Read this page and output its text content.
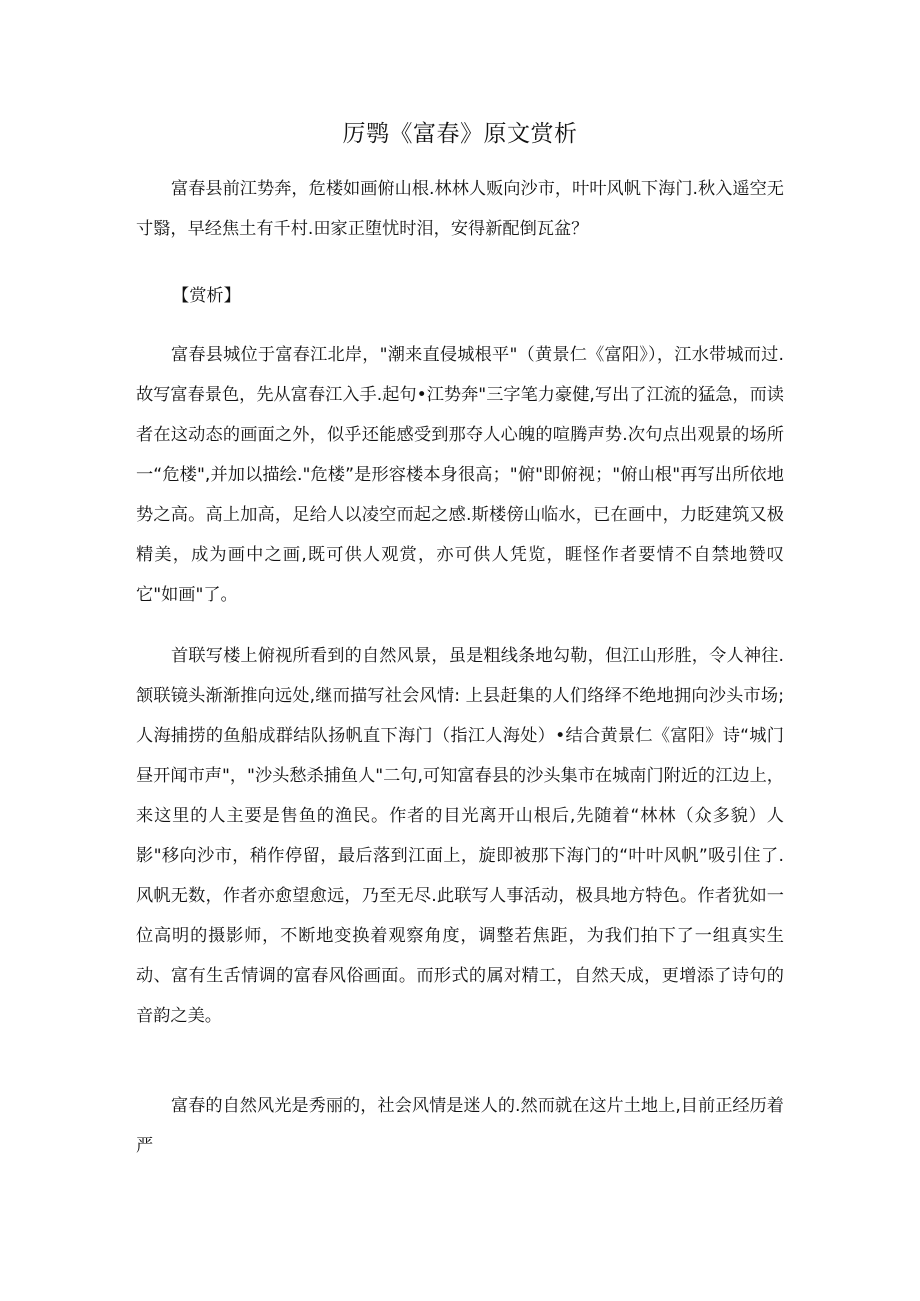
厉鹗《富春》原文赏析

富春县前江势奔，危楼如画俯山根.林林人贩向沙市，叶叶风帆下海门.秋入遥空无寸翳，早经焦土有千村.田家正堕忧时泪，安得新配倒瓦盆？

【赏析】

富春县城位于富春江北岸，"潮来直侵城根平"（黄景仁《富阳》），江水带城而过.故写富春景色，先从富春江入手.起句•江势奔"三字笔力豪健,写出了江流的猛急，而读者在这动态的画面之外，似乎还能感受到那夺人心魄的喧腾声势.次句点出观景的场所一“危楼",并加以描绘."危楼”是形容楼本身很高；"俯"即俯视；"俯山根"再写出所依地势之高。高上加高，足给人以凌空而起之感.斯楼傍山临水，已在画中，力眨建筑又极精美，成为画中之画,既可供人观赏，亦可供人凭览，睚怪作者要情不自禁地赞叹它"如画"了。

首联写楼上俯视所看到的自然风景，虽是粗线条地勾勒，但江山形胜，令人神往.颔联镜头渐渐推向远处,继而描写社会风情: 上县赶集的人们络绎不绝地拥向沙头市场;人海捕捞的鱼船成群结队扬帆直下海门（指江人海处）•结合黄景仁《富阳》诗“城门昼开闻市声"，"沙头愁杀捕鱼人"二句,可知富春县的沙头集市在城南门附近的江边上，来这里的人主要是售鱼的渔民。作者的目光离开山根后,先随着“林林（众多貌）人影"移向沙市，稍作停留，最后落到江面上，旋即被那下海门的“叶叶风帆”吸引住了.风帆无数，作者亦愈望愈远，乃至无尽.此联写人事活动，极具地方特色。作者犹如一位高明的摄影师，不断地变换着观察角度，调整若焦距，为我们拍下了一组真实生动、富有生舌情调的富春风俗画面。而形式的属对精工，自然天成，更增添了诗句的音韵之美。

富春的自然风光是秀丽的，社会风情是迷人的.然而就在这片土地上,目前正经历着严
